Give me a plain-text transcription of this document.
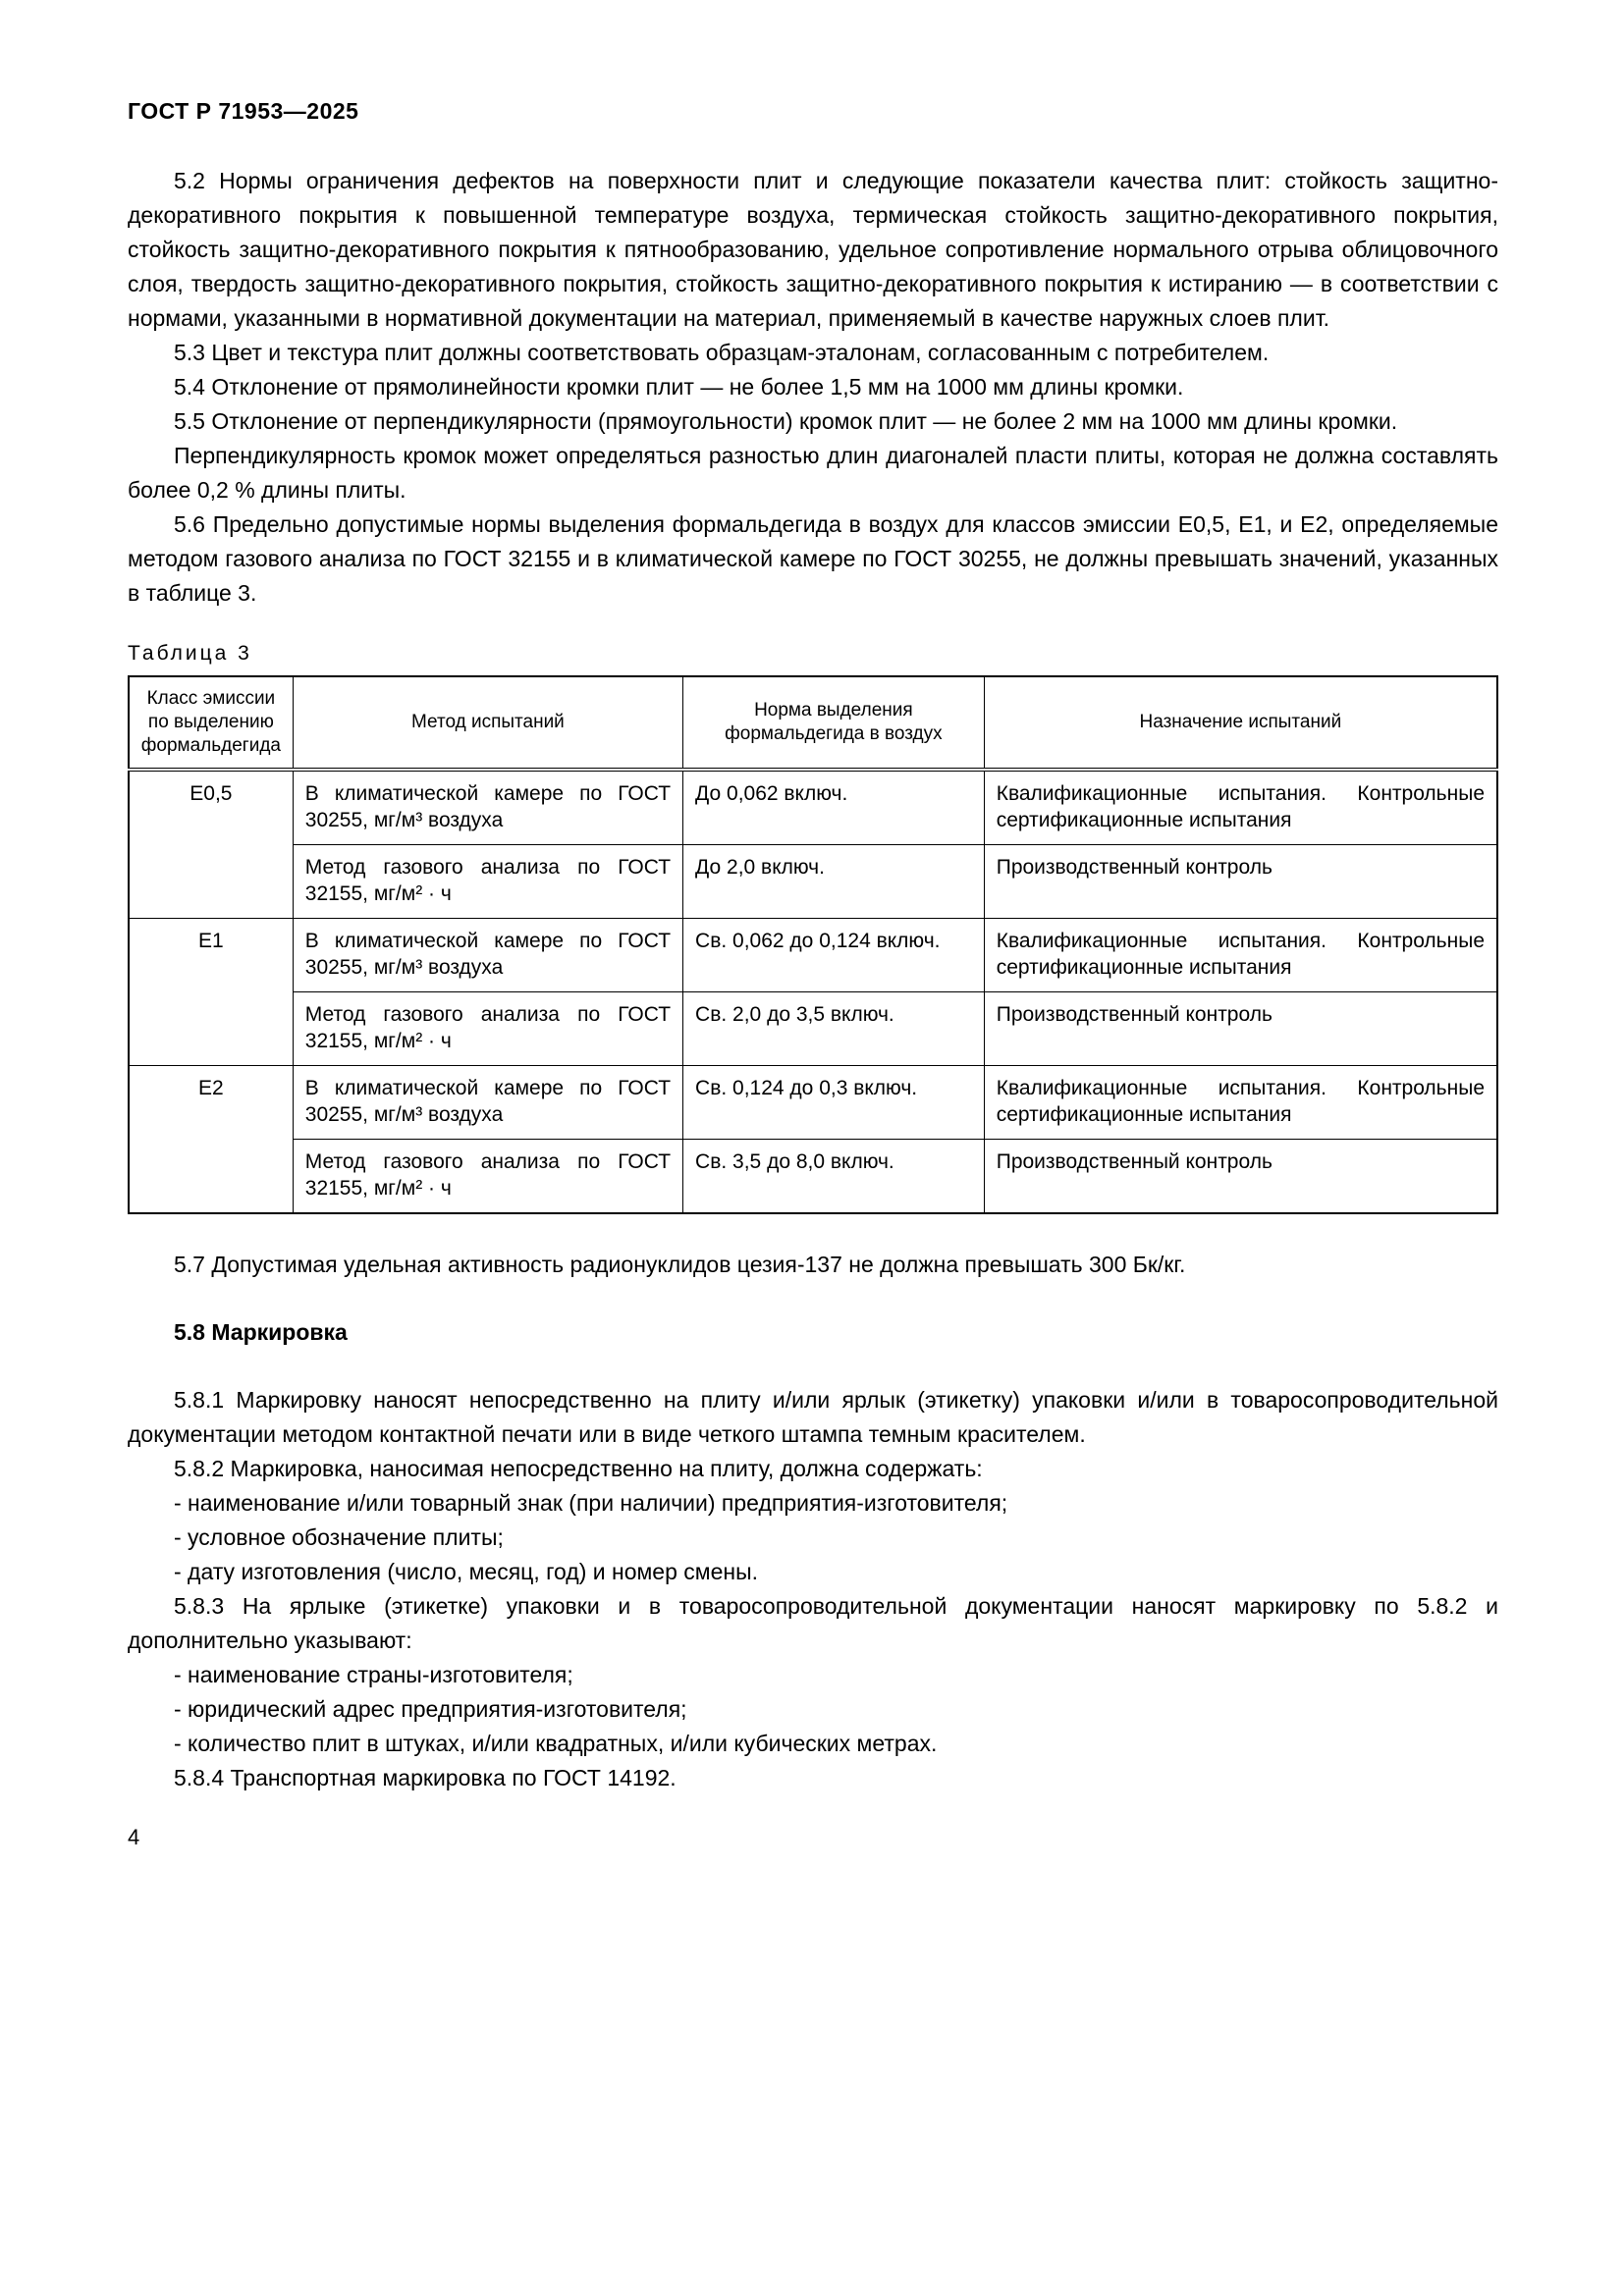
ГОСТ Р 71953—2025

5.2 Нормы ограничения дефектов на поверхности плит и следующие показатели качества плит: стойкость защитно-декоративного покрытия к повышенной температуре воздуха, термическая стойкость защитно-декоративного покрытия, стойкость защитно-декоративного покрытия к пятнообразованию, удельное сопротивление нормального отрыва облицовочного слоя, твердость защитно-декоративного покрытия, стойкость защитно-декоративного покрытия к истиранию — в соответствии с нормами, указанными в нормативной документации на материал, применяемый в качестве наружных слоев плит.

5.3 Цвет и текстура плит должны соответствовать образцам-эталонам, согласованным с потребителем.

5.4 Отклонение от прямолинейности кромки плит — не более 1,5 мм на 1000 мм длины кромки.

5.5 Отклонение от перпендикулярности (прямоугольности) кромок плит — не более 2 мм на 1000 мм длины кромки.

Перпендикулярность кромок может определяться разностью длин диагоналей пласти плиты, которая не должна составлять более 0,2 % длины плиты.

5.6 Предельно допустимые нормы выделения формальдегида в воздух для классов эмиссии Е0,5, Е1, и Е2, определяемые методом газового анализа по ГОСТ 32155 и в климатической камере по ГОСТ 30255, не должны превышать значений, указанных в таблице 3.

Таблица 3
Класс эмиссии по выделению формальдегида	Метод испытаний	Норма выделения формальдегида в воздух	Назначение испытаний
Е0,5	В климатической камере по ГОСТ 30255, мг/м³ воздуха	До 0,062 включ.	Квалификационные испытания. Контрольные сертификационные испытания
	Метод газового анализа по ГОСТ 32155, мг/м² · ч	До 2,0 включ.	Производственный контроль
Е1	В климатической камере по ГОСТ 30255, мг/м³ воздуха	Св. 0,062 до 0,124 включ.	Квалификационные испытания. Контрольные сертификационные испытания
	Метод газового анализа по ГОСТ 32155, мг/м² · ч	Св. 2,0 до 3,5 включ.	Производственный контроль
Е2	В климатической камере по ГОСТ 30255, мг/м³ воздуха	Св. 0,124 до 0,3 включ.	Квалификационные испытания. Контрольные сертификационные испытания
	Метод газового анализа по ГОСТ 32155, мг/м² · ч	Св. 3,5 до 8,0 включ.	Производственный контроль

5.7 Допустимая удельная активность радионуклидов цезия-137 не должна превышать 300 Бк/кг.

5.8 Маркировка

5.8.1 Маркировку наносят непосредственно на плиту и/или ярлык (этикетку) упаковки и/или в товаросопроводительной документации методом контактной печати или в виде четкого штампа темным красителем.

5.8.2 Маркировка, наносимая непосредственно на плиту, должна содержать:

- наименование и/или товарный знак (при наличии) предприятия-изготовителя;

- условное обозначение плиты;

- дату изготовления (число, месяц, год) и номер смены.

5.8.3 На ярлыке (этикетке) упаковки и в товаросопроводительной документации наносят маркировку по 5.8.2 и дополнительно указывают:

- наименование страны-изготовителя;

- юридический адрес предприятия-изготовителя;

- количество плит в штуках, и/или квадратных, и/или кубических метрах.

5.8.4 Транспортная маркировка по ГОСТ 14192.

4
